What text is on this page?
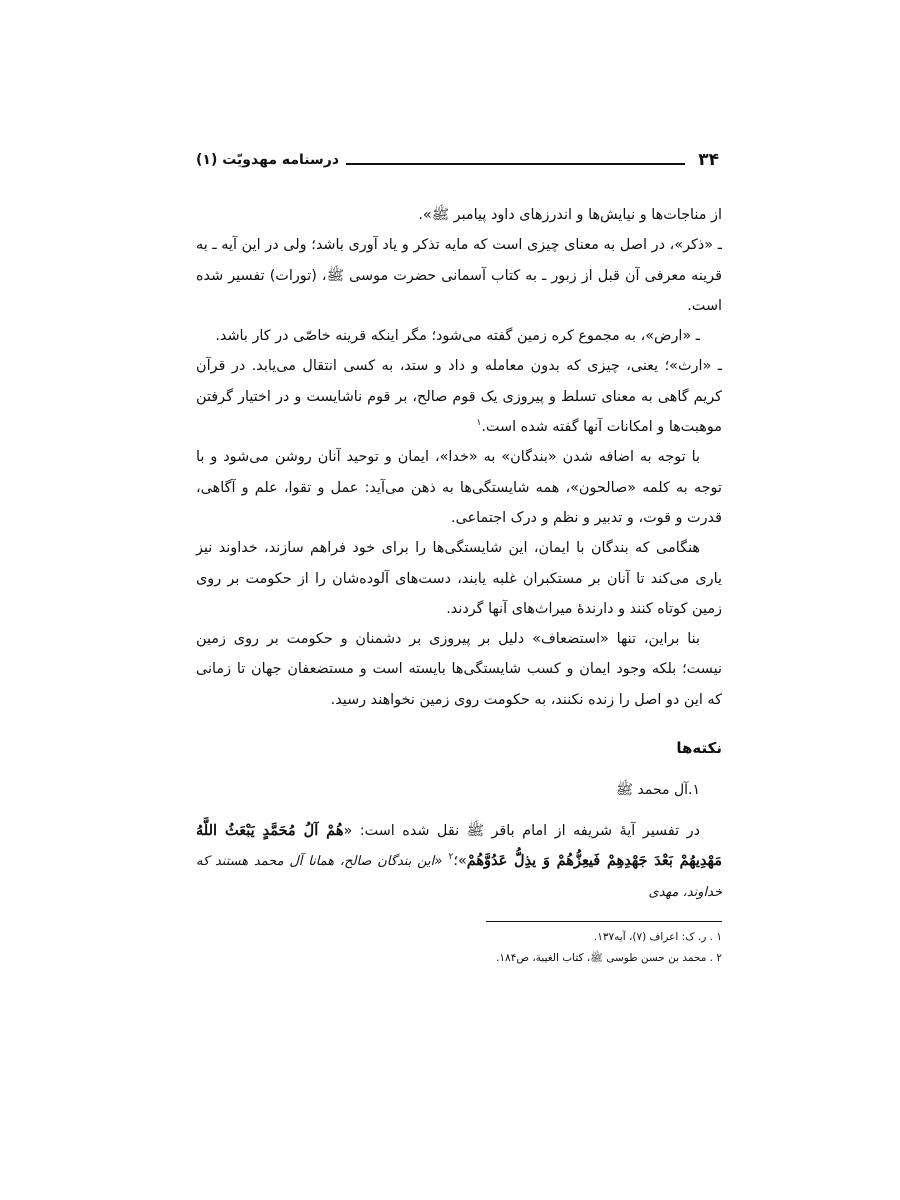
۳۴
درسنامه مهدویّت (۱)

از مناجات‌ها و نیایش‌ها و اندرزهای داود پیامبر ﷺ».

ـ «ذکر»، در اصل به معنای چیزی است که مایه تذکر و یاد آوری باشد؛ ولی در این آیه ـ به قرینه معرفی آن قبل از زبور ـ به کتاب آسمانی حضرت موسی ﷺ، (تورات) تفسیر شده است.

ـ «ارض»، به مجموع کره زمین گفته می‌شود؛ مگر اینکه قرینه خاصّی در کار باشد.

ـ «ارث»؛ یعنی، چیزی که بدون معامله و داد و ستد، به کسی انتقال می‌یابد. در قرآن کریم گاهی به معنای تسلط و پیروزی یک قوم صالح، بر قوم ناشایست و در اختیار گرفتن موهبت‌ها و امکانات آنها گفته شده است.$^۱$

با توجه به اضافه شدن «بندگان» به «خدا»، ایمان و توحید آنان روشن می‌شود و با توجه به کلمه «صالحون»، همه شایستگی‌ها به ذهن می‌آید: عمل و تقوا، علم و آگاهی، قدرت و قوت، و تدبیر و نظم و درک اجتماعی.

هنگامی که بندگان با ایمان، این شایستگی‌ها را برای خود فراهم سازند، خداوند نیز یاری می‌کند تا آنان بر مستکبران غلبه یابند، دست‌های آلوده‌شان را از حکومت بر روی زمین کوتاه کنند و دارندهٔ میراث‌های آنها گردند.

بنا براین، تنها «استضعاف» دلیل بر پیروزی بر دشمنان و حکومت بر روی زمین نیست؛ بلکه وجود ایمان و کسب شایستگی‌ها بایسته است و مستضعفان جهان تا زمانی که این دو اصل را زنده نکنند، به حکومت روی زمین نخواهند رسید.

نکته‌ها

۱.آل محمد ﷺ

در تفسیر آیهٔ شریفه از امام باقر ﷺ نقل شده است: «هُمْ آلُ مُحَمَّدٍ يَبْعَثُ اللَّهُ مَهْدِيهُمْ بَعْدَ جَهْدِهِمْ فَيعِزُّهُمْ وَ يذِلُّ عَدُوَّهُمْ»؛$^۲$ «این بندگان صالح، همانا آل محمد هستند که خداوند، مهدی

۱ . ر. ک: اعراف (۷)، آیه۱۳۷.

۲ . محمد بن حسن طوسی ﷺ، کتاب الغیبة، ص۱۸۴.
